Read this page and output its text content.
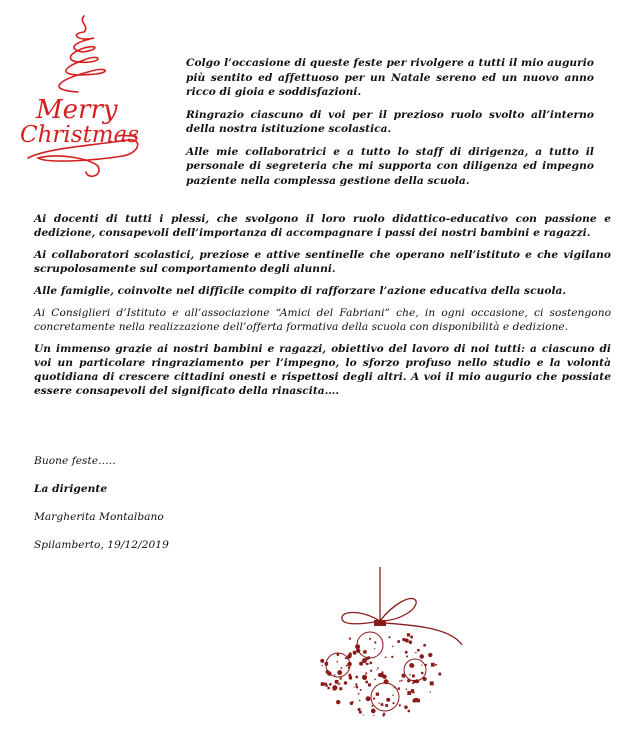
Merry
Christmas

Colgo l’occasione di queste feste per rivolgere a tutti il mio augurio più sentito ed affettuoso per un Natale sereno ed un nuovo anno ricco di gioia e soddisfazioni.

Ringrazio ciascuno di voi per il prezioso ruolo svolto all’interno della nostra istituzione scolastica.

Alle mie collaboratrici e a tutto lo staff di dirigenza, a tutto il personale di segreteria che mi supporta con diligenza ed impegno paziente nella complessa gestione della scuola.

Ai docenti di tutti i plessi, che svolgono il loro ruolo didattico-educativo con passione e dedizione, consapevoli dell’importanza di accompagnare i passi dei nostri bambini e ragazzi.

Ai collaboratori scolastici, preziose e attive sentinelle che operano nell’istituto e che vigilano scrupolosamente sul comportamento degli alunni.

Alle famiglie, coinvolte nel difficile compito di rafforzare l’azione educativa della scuola.

Ai Consiglieri d’Istituto e all’associazione “Amici del Fabriani” che, in ogni occasione, ci sostengono concretamente nella realizzazione dell’offerta formativa della scuola con disponibilità e dedizione.

Un immenso grazie ai nostri bambini e ragazzi, obiettivo del lavoro di noi tutti: a ciascuno di voi un particolare ringraziamento per l’impegno, lo sforzo profuso nello studio e la volontà quotidiana di crescere cittadini onesti e rispettosi degli altri. A voi il mio augurio che possiate essere consapevoli del significato della rinascita….

Buone feste…..

La dirigente

Margherita Montalbano

Spilamberto, 19/12/2019
